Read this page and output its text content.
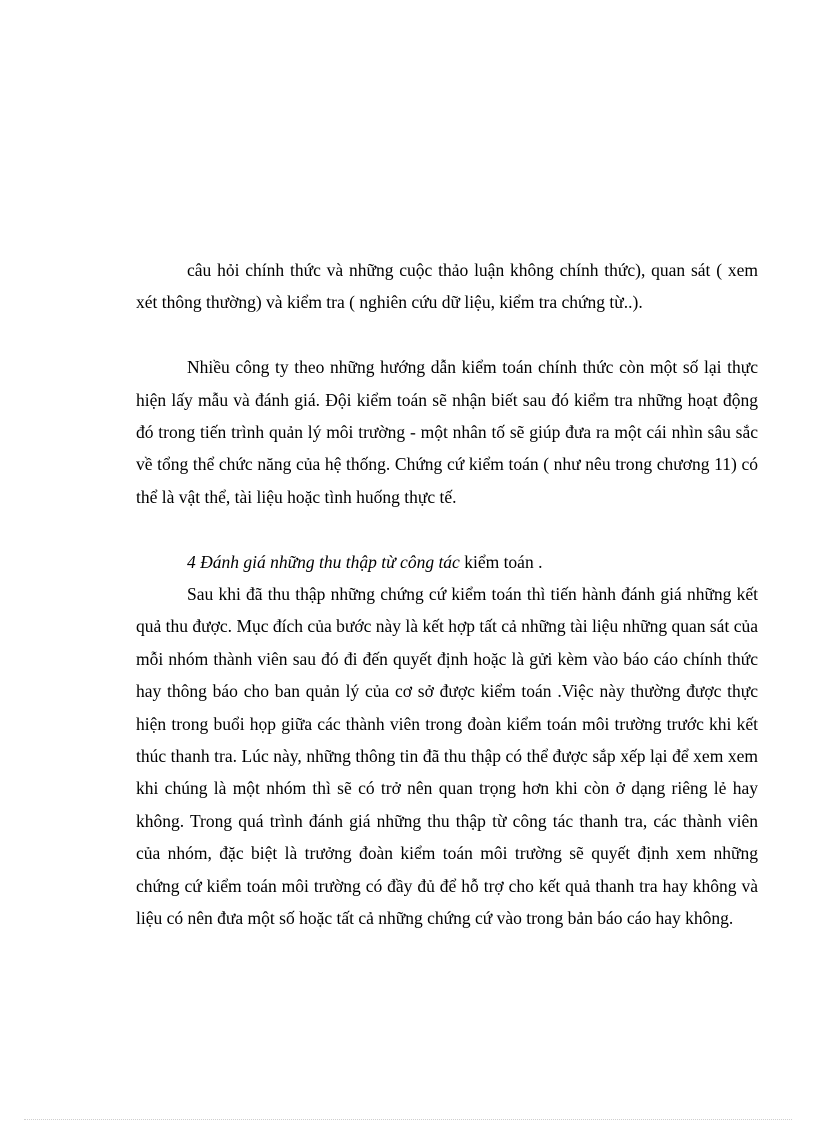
câu hỏi chính thức và những cuộc thảo luận không chính thức), quan sát ( xem xét thông thường) và kiểm tra ( nghiên cứu dữ liệu, kiểm tra chứng từ..).

Nhiều công ty theo những hướng dẫn kiểm toán chính thức còn một số lại thực hiện lấy mẫu và đánh giá. Đội kiểm toán sẽ nhận biết sau đó kiểm tra những hoạt động đó trong tiến trình quản lý môi trường - một nhân tố sẽ giúp đưa ra một cái nhìn sâu sắc về tổng thể chức năng của hệ thống. Chứng cứ kiểm toán ( như nêu trong chương 11) có thể là vật thể, tài liệu hoặc tình huống thực tế.

4 Đánh giá những thu thập từ công tác kiểm toán .

Sau khi đã thu thập những chứng cứ kiểm toán thì tiến hành đánh giá những kết quả thu được. Mục đích của bước này là kết hợp tất cả những tài liệu những quan sát của mỗi nhóm thành viên sau đó đi đến quyết định hoặc là gửi kèm vào báo cáo chính thức hay thông báo cho ban quản lý của cơ sở được kiểm toán .Việc này thường được thực hiện trong buổi họp giữa các thành viên trong đoàn kiểm toán môi trường trước khi kết thúc thanh tra. Lúc này, những thông tin đã thu thập có thể được sắp xếp lại để xem xem khi chúng là một nhóm thì sẽ có trở nên quan trọng hơn khi còn ở dạng riêng lẻ hay không. Trong quá trình đánh giá những thu thập từ công tác thanh tra, các thành viên của nhóm, đặc biệt là trưởng đoàn kiểm toán môi trường sẽ quyết định xem những chứng cứ kiểm toán môi trường có đầy đủ để hỗ trợ cho kết quả thanh tra hay không và liệu có nên đưa một số hoặc tất cả những chứng cứ vào trong bản báo cáo hay không.
